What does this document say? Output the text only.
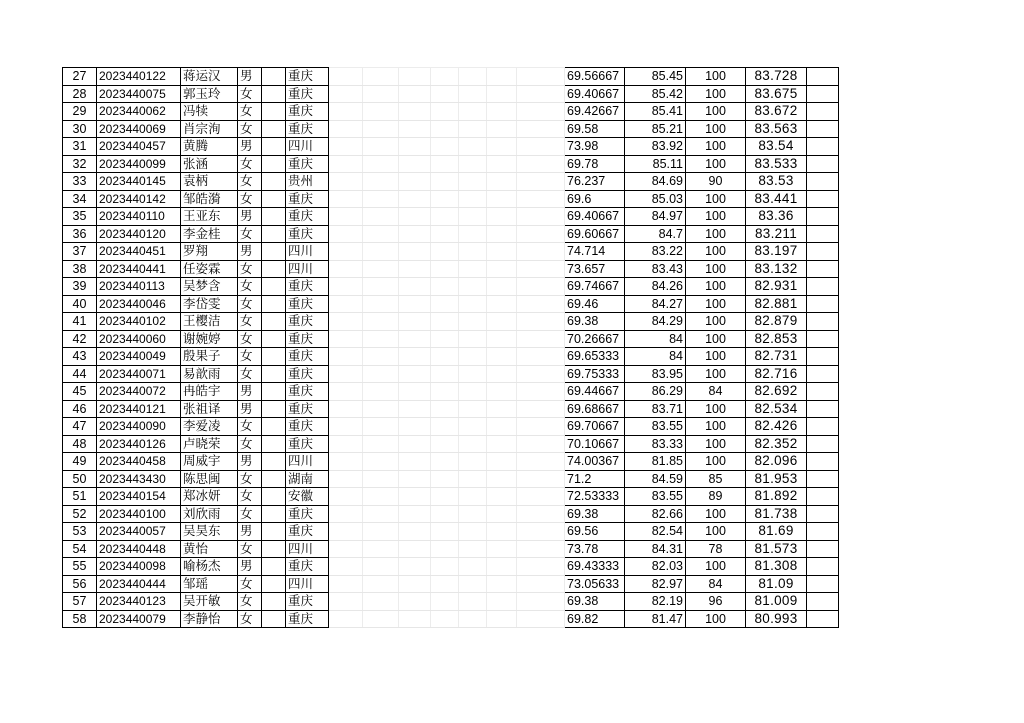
27	2023440122	蒋运汉	男		重庆								69.56667	85.45	100	83.728	
28	2023440075	郭玉玲	女		重庆								69.40667	85.42	100	83.675	
29	2023440062	冯犊	女		重庆								69.42667	85.41	100	83.672	
30	2023440069	肖宗洵	女		重庆								69.58	85.21	100	83.563	
31	2023440457	黄腾	男		四川								73.98	83.92	100	83.54	
32	2023440099	张涵	女		重庆								69.78	85.11	100	83.533	
33	2023440145	袁柄	女		贵州								76.237	84.69	90	83.53	
34	2023440142	邹皓漪	女		重庆								69.6	85.03	100	83.441	
35	2023440110	王亚东	男		重庆								69.40667	84.97	100	83.36	
36	2023440120	李金桂	女		重庆								69.60667	84.7	100	83.211	
37	2023440451	罗翔	男		四川								74.714	83.22	100	83.197	
38	2023440441	任姿霖	女		四川								73.657	83.43	100	83.132	
39	2023440113	吴梦含	女		重庆								69.74667	84.26	100	82.931	
40	2023440046	李岱雯	女		重庆								69.46	84.27	100	82.881	
41	2023440102	王樱洁	女		重庆								69.38	84.29	100	82.879	
42	2023440060	谢婉婷	女		重庆								70.26667	84	100	82.853	
43	2023440049	殷果子	女		重庆								69.65333	84	100	82.731	
44	2023440071	易歆雨	女		重庆								69.75333	83.95	100	82.716	
45	2023440072	冉皓宇	男		重庆								69.44667	86.29	84	82.692	
46	2023440121	张祖译	男		重庆								69.68667	83.71	100	82.534	
47	2023440090	李爱凌	女		重庆								69.70667	83.55	100	82.426	
48	2023440126	卢晓荣	女		重庆								70.10667	83.33	100	82.352	
49	2023440458	周威宇	男		四川								74.00367	81.85	100	82.096	
50	2023443430	陈思闽	女		湖南								71.2	84.59	85	81.953	
51	2023440154	郑冰妍	女		安徽								72.53333	83.55	89	81.892	
52	2023440100	刘欣雨	女		重庆								69.38	82.66	100	81.738	
53	2023440057	吴昊东	男		重庆								69.56	82.54	100	81.69	
54	2023440448	黄怡	女		四川								73.78	84.31	78	81.573	
55	2023440098	喻杨杰	男		重庆								69.43333	82.03	100	81.308	
56	2023440444	邹瑶	女		四川								73.05633	82.97	84	81.09	
57	2023440123	吴开敏	女		重庆								69.38	82.19	96	81.009	
58	2023440079	李静怡	女		重庆								69.82	81.47	100	80.993	
